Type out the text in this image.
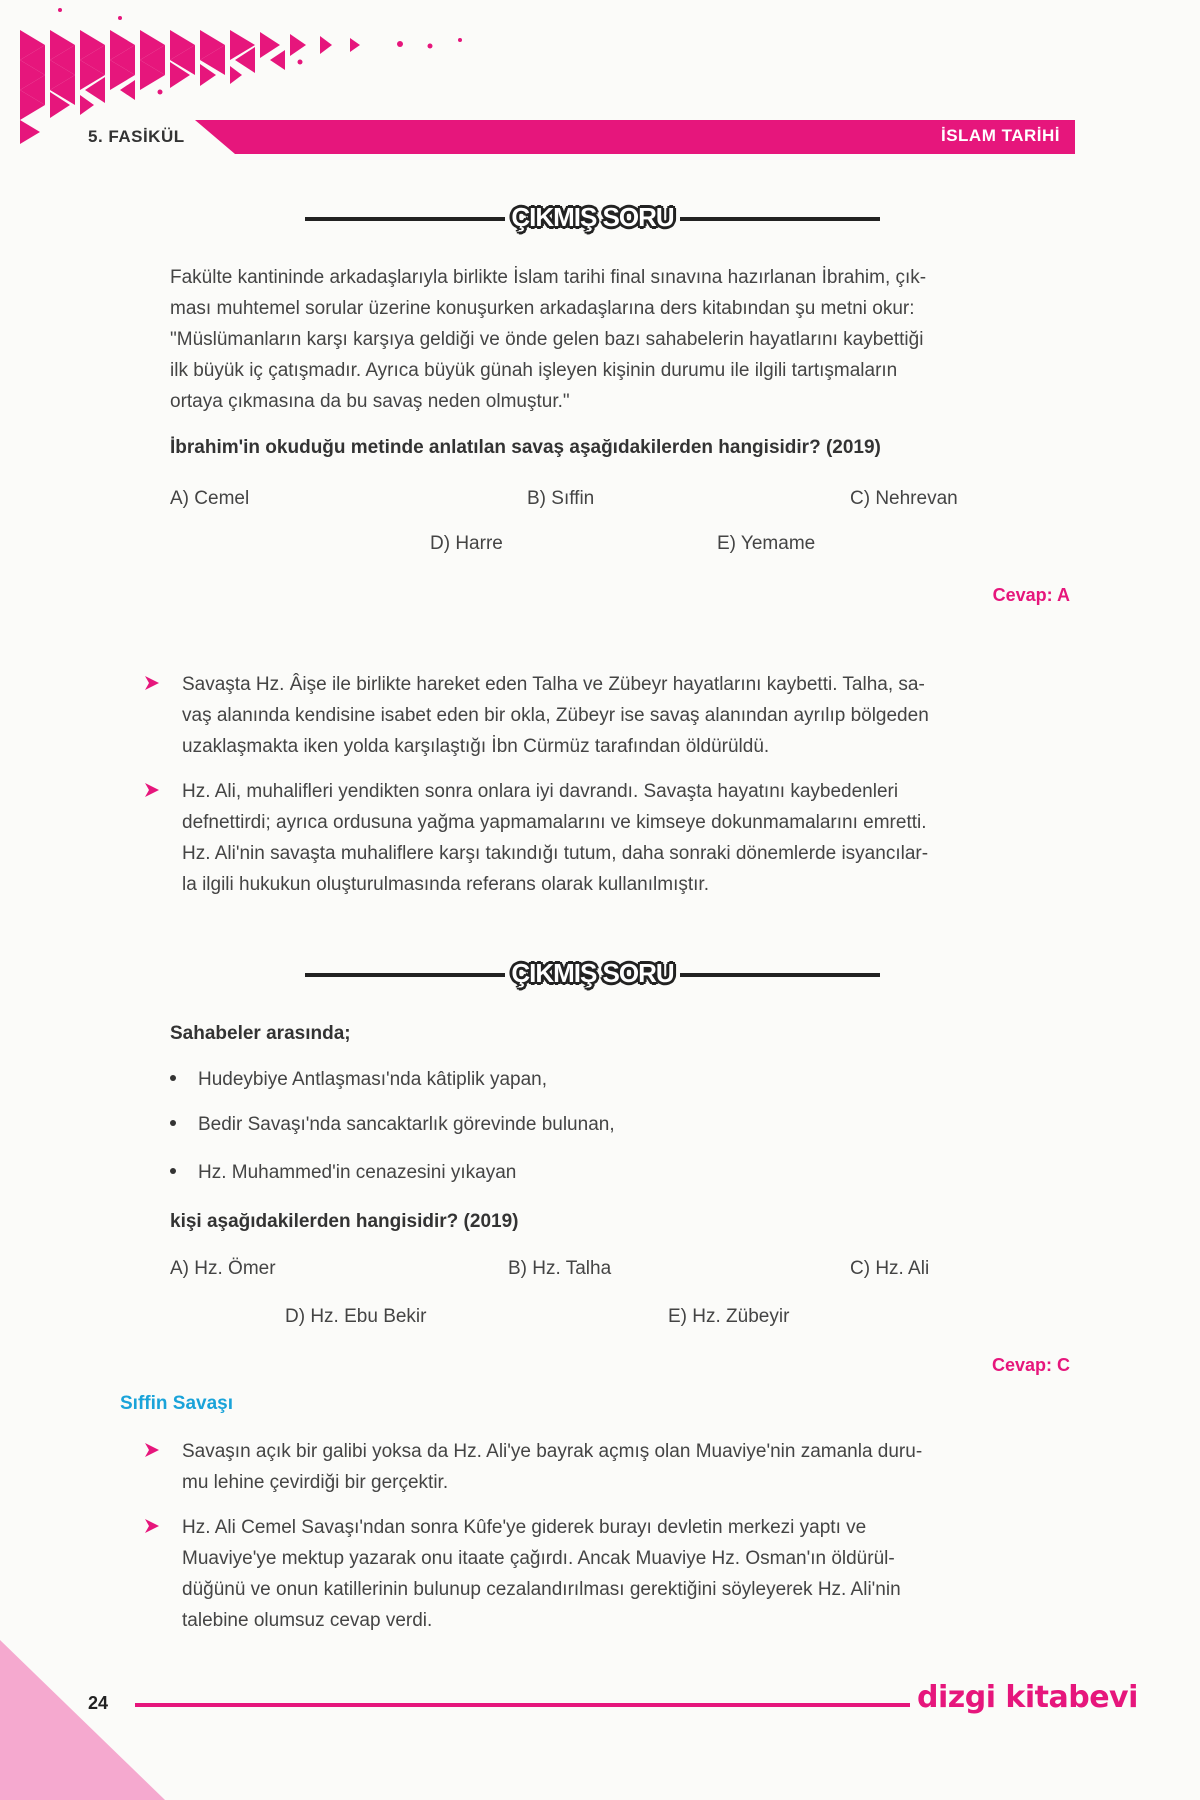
5. FASİKÜL	İSLAM TARİHİ
ÇIKMIŞ SORU
Fakülte kantininde arkadaşlarıyla birlikte İslam tarihi final sınavına hazırlanan İbrahim, çık-
ması muhtemel sorular üzerine konuşurken arkadaşlarına ders kitabından şu metni okur:
"Müslümanların karşı karşıya geldiği ve önde gelen bazı sahabelerin hayatlarını kaybettiği
ilk büyük iç çatışmadır. Ayrıca büyük günah işleyen kişinin durumu ile ilgili tartışmaların
ortaya çıkmasına da bu savaş neden olmuştur."
İbrahim'in okuduğu metinde anlatılan savaş aşağıdakilerden hangisidir? (2019)
A) Cemel	B) Sıffin	C) Nehrevan
D) Harre	E) Yemame
Cevap: A
Savaşta Hz. Âişe ile birlikte hareket eden Talha ve Zübeyr hayatlarını kaybetti. Talha, sa-
vaş alanında kendisine isabet eden bir okla, Zübeyr ise savaş alanından ayrılıp bölgeden
uzaklaşmakta iken yolda karşılaştığı İbn Cürmüz tarafından öldürüldü.
Hz. Ali, muhalifleri yendikten sonra onlara iyi davrandı. Savaşta hayatını kaybedenleri
defnettirdi; ayrıca ordusuna yağma yapmamalarını ve kimseye dokunmamalarını emretti.
Hz. Ali'nin savaşta muhaliflere karşı takındığı tutum, daha sonraki dönemlerde isyancılar-
la ilgili hukukun oluşturulmasında referans olarak kullanılmıştır.
ÇIKMIŞ SORU
Sahabeler arasında;
Hudeybiye Antlaşması'nda kâtiplik yapan,
Bedir Savaşı'nda sancaktarlık görevinde bulunan,
Hz. Muhammed'in cenazesini yıkayan
kişi aşağıdakilerden hangisidir? (2019)
A) Hz. Ömer	B) Hz. Talha	C) Hz. Ali
D) Hz. Ebu Bekir	E) Hz. Zübeyir
Cevap: C
Sıffin Savaşı
Savaşın açık bir galibi yoksa da Hz. Ali'ye bayrak açmış olan Muaviye'nin zamanla duru-
mu lehine çevirdiği bir gerçektir.
Hz. Ali Cemel Savaşı'ndan sonra Kûfe'ye giderek burayı devletin merkezi yaptı ve
Muaviye'ye mektup yazarak onu itaate çağırdı. Ancak Muaviye Hz. Osman'ın öldürül-
düğünü ve onun katillerinin bulunup cezalandırılması gerektiğini söyleyerek Hz. Ali'nin
talebine olumsuz cevap verdi.
24	dizgi kitabevi
